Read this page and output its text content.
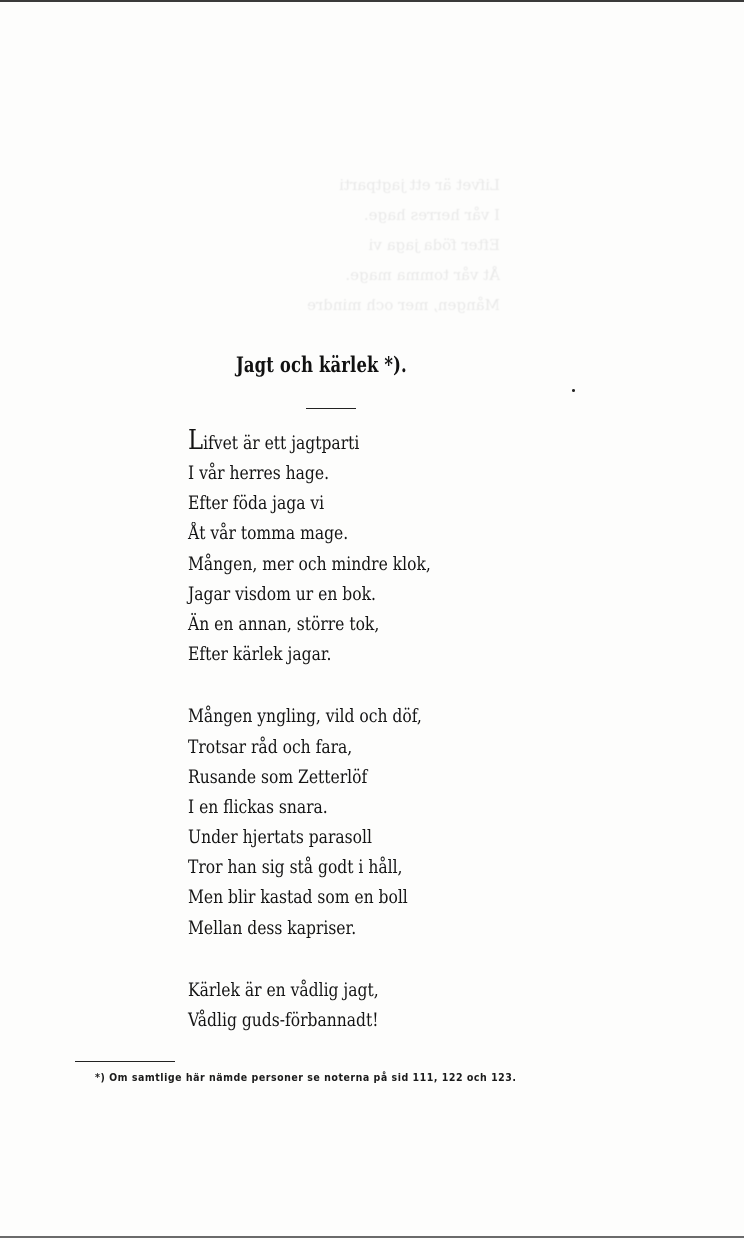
Lifvet är ett jagtparti
I vår herres hage.
Efter föda jaga vi
Åt vår tomma mage.
Mången, mer och mindre
Jagt och kärlek *).
Lifvet är ett jagtparti
I vår herres hage.
Efter föda jaga vi
Åt vår tomma mage.
Mången, mer och mindre klok,
Jagar visdom ur en bok.
Än en annan, större tok,
Efter kärlek jagar.
Mången yngling, vild och döf,
Trotsar råd och fara,
Rusande som Zetterlöf
I en flickas snara.
Under hjertats parasoll
Tror han sig stå godt i håll,
Men blir kastad som en boll
Mellan dess kapriser.
Kärlek är en vådlig jagt,
Vådlig guds-förbannadt!
*) Om samtlige här nämde personer se noterna på sid 111, 122 och 123.
